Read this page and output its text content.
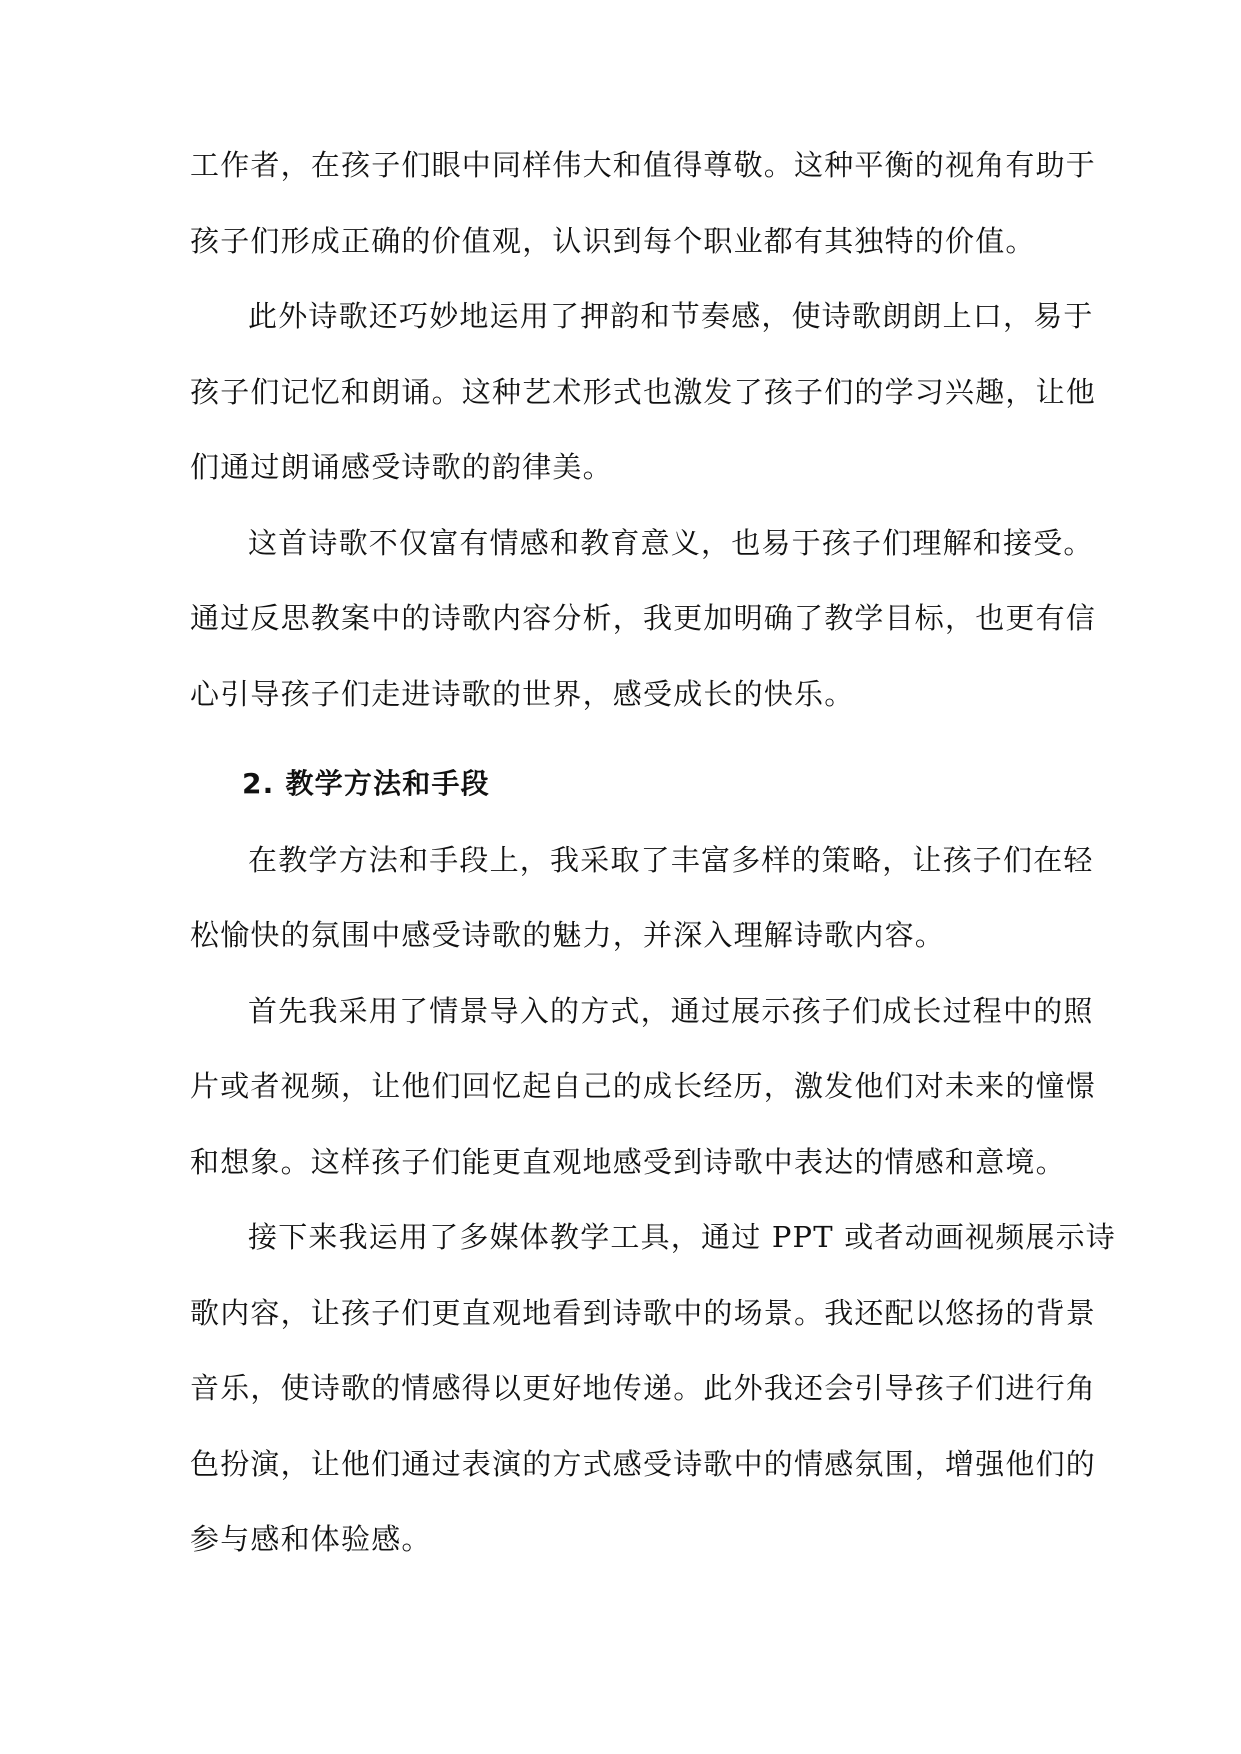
工作者，在孩子们眼中同样伟大和值得尊敬。这种平衡的视角有助于
孩子们形成正确的价值观，认识到每个职业都有其独特的价值。
此外诗歌还巧妙地运用了押韵和节奏感，使诗歌朗朗上口，易于
孩子们记忆和朗诵。这种艺术形式也激发了孩子们的学习兴趣，让他
们通过朗诵感受诗歌的韵律美。
这首诗歌不仅富有情感和教育意义，也易于孩子们理解和接受。
通过反思教案中的诗歌内容分析，我更加明确了教学目标，也更有信
心引导孩子们走进诗歌的世界，感受成长的快乐。
2. 教学方法和手段
在教学方法和手段上，我采取了丰富多样的策略，让孩子们在轻
松愉快的氛围中感受诗歌的魅力，并深入理解诗歌内容。
首先我采用了情景导入的方式，通过展示孩子们成长过程中的照
片或者视频，让他们回忆起自己的成长经历，激发他们对未来的憧憬
和想象。这样孩子们能更直观地感受到诗歌中表达的情感和意境。
接下来我运用了多媒体教学工具，通过 PPT 或者动画视频展示诗
歌内容，让孩子们更直观地看到诗歌中的场景。我还配以悠扬的背景
音乐，使诗歌的情感得以更好地传递。此外我还会引导孩子们进行角
色扮演，让他们通过表演的方式感受诗歌中的情感氛围，增强他们的
参与感和体验感。
